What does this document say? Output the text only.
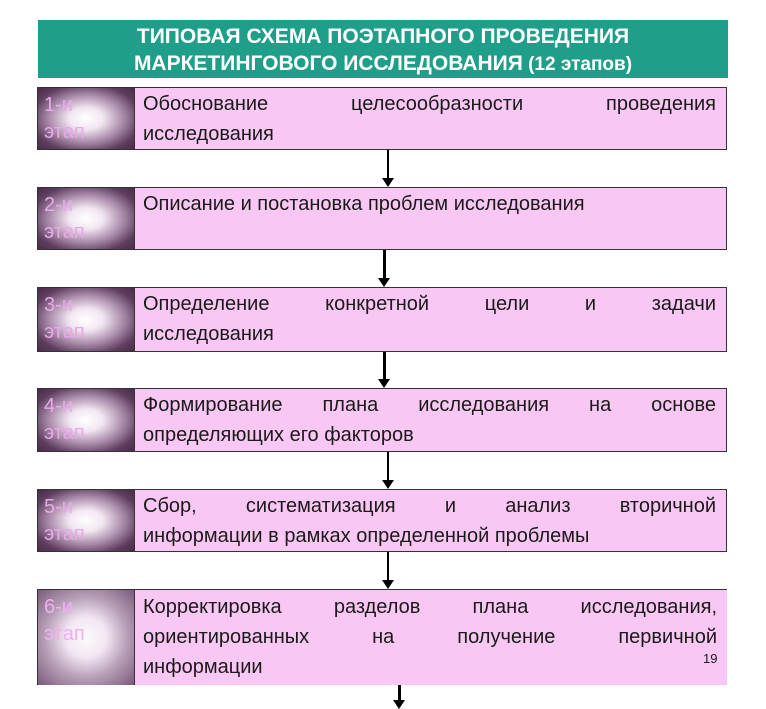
ТИПОВАЯ СХЕМА ПОЭТАПНОГО ПРОВЕДЕНИЯ
МАРКЕТИНГОВОГО ИССЛЕДОВАНИЯ (12 этапов)
1-и
этап
Обоснование целесообразности проведения
исследования
2-и
этап
Описание и постановка проблем исследования
3-и
этап
Определение конкретной цели и задачи
исследования
4-и
этап
Формирование плана исследования на основе
определяющих его факторов
5-и
этап
Сбор, систематизация и анализ вторичной
информации в рамках определенной проблемы
6-и
этап
Корректировка разделов плана исследования,
ориентированных на получение первичной
информации	19
